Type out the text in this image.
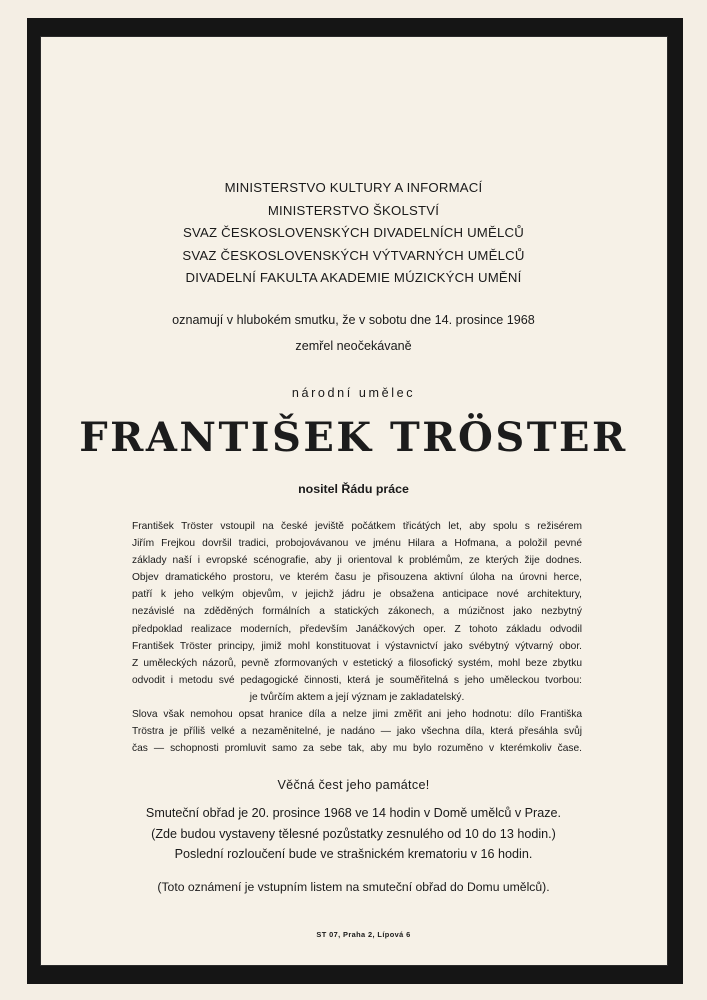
MINISTERSTVO KULTURY A INFORMACÍ
MINISTERSTVO ŠKOLSTVÍ
SVAZ ČESKOSLOVENSKÝCH DIVADELNÍCH UMĚLCŮ
SVAZ ČESKOSLOVENSKÝCH VÝTVARNÝCH UMĚLCŮ
DIVADELNÍ FAKULTA AKADEMIE MÚZICKÝCH UMĚNÍ
oznamují v hlubokém smutku, že v sobotu dne 14. prosince 1968
zemřel neočekávaně
národní umělec
FRANTIŠEK TRÖSTER
nositel Řádu práce
František Tröster vstoupil na české jeviště počátkem třicátých let, aby spolu s režisérem
Jiřím Frejkou dovršil tradici, probojovávanou ve jménu Hilara a Hofmana, a položil pevné
základy naší i evropské scénografie, aby ji orientoval k problémům, ze kterých žije dodnes.
Objev dramatického prostoru, ve kterém času je přisouzena aktivní úloha na úrovni herce,
patří k jeho velkým objevům, v jejichž jádru je obsažena anticipace nové architektury,
nezávislé na zděděných formálních a statických zákonech, a múzičnost jako nezbytný
předpoklad realizace moderních, především Janáčkových oper. Z tohoto základu odvodil
František Tröster principy, jimiž mohl konstituovat i výstavnictví jako svébytný výtvarný obor.
Z uměleckých názorů, pevně zformovaných v estetický a filosofický systém, mohl beze zbytku
odvodit i metodu své pedagogické činnosti, která je souměřitelná s jeho uměleckou tvorbou:
je tvůrčím aktem a její význam je zakladatelský.
Slova však nemohou opsat hranice díla a nelze jimi změřit ani jeho hodnotu: dílo Františka
Tröstra je příliš velké a nezaměnitelné, je nadáno — jako všechna díla, která přesáhla svůj
čas — schopnosti promluvit samo za sebe tak, aby mu bylo rozuměno v kterémkoliv čase.
Věčná čest jeho památce!
Smuteční obřad je 20. prosince 1968 ve 14 hodin v Domě umělců v Praze.
(Zde budou vystaveny tělesné pozůstatky zesnulého od 10 do 13 hodin.)
Poslední rozloučení bude ve strašnickém krematoriu v 16 hodin.
(Toto oznámení je vstupním listem na smuteční obřad do Domu umělců).
ST 07, Praha 2, Lípová 6
